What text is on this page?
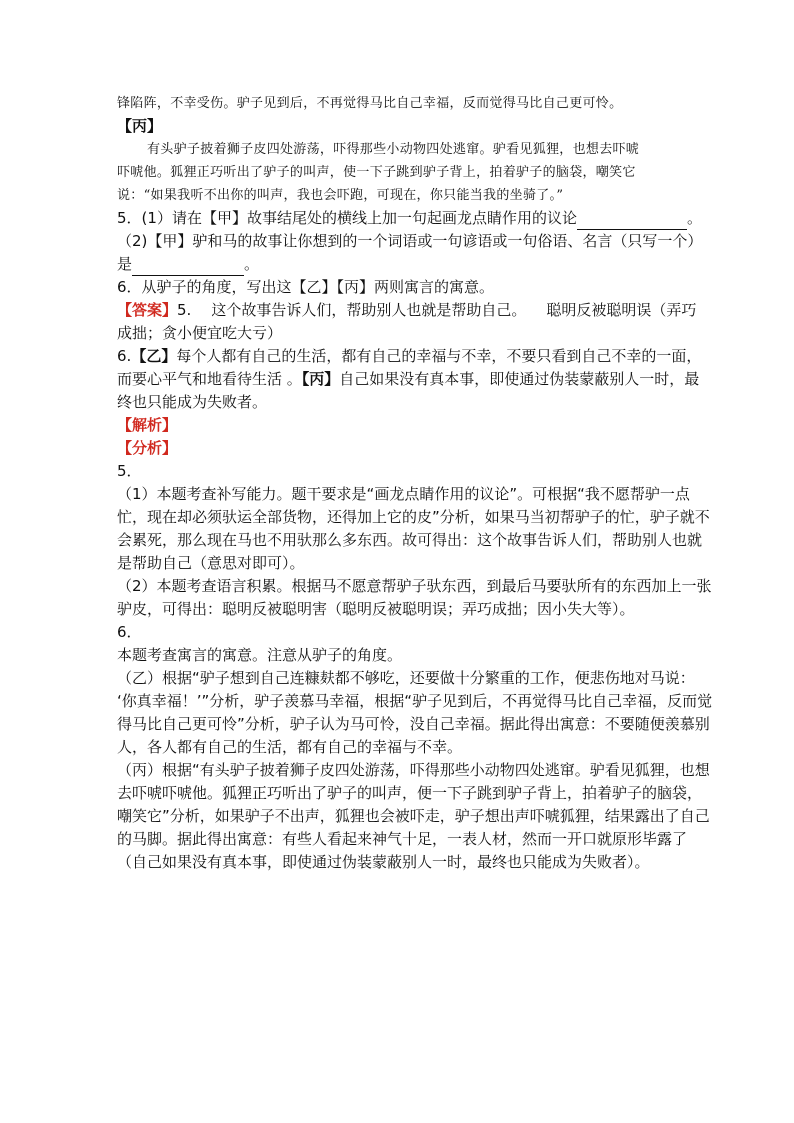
锋陷阵，不幸受伤。驴子见到后，不再觉得马比自己幸福，反而觉得马比自己更可怜。
【丙】
有头驴子披着狮子皮四处游荡，吓得那些小动物四处逃窜。驴看见狐狸，也想去吓唬
吓唬他。狐狸正巧听出了驴子的叫声，使一下子跳到驴子背上，拍着驴子的脑袋，嘲笑它
说：“如果我听不出你的叫声，我也会吓跑，可现在，你只能当我的坐骑了。”
5．(1）请在【甲】故事结尾处的横线上加一句起画龙点睛作用的议论	。
（2)【甲】驴和马的故事让你想到的一个词语或一句谚语或一句俗语、名言（只写一个）
是	。
6．从驴子的角度，写出这【乙】【丙】两则寓言的寓意。
【答案】5. 这个故事告诉人们，帮助别人也就是帮助自己。 聪明反被聪明误（弄巧
成拙；贪小便宜吃大亏）
6.【乙】每个人都有自己的生活，都有自己的幸福与不幸，不要只看到自己不幸的一面，
而要心平气和地看待生活 。【丙】自己如果没有真本事，即使通过伪装蒙蔽别人一时，最
终也只能成为失败者。
【解析】
【分析】
5．
（1）本题考查补写能力。题干要求是“画龙点睛作用的议论”。可根据“我不愿帮驴一点
忙，现在却必须驮运全部货物，还得加上它的皮”分析，如果马当初帮驴子的忙，驴子就不
会累死，那么现在马也不用驮那么多东西。故可得出：这个故事告诉人们，帮助别人也就
是帮助自己（意思对即可）。
（2）本题考查语言积累。根据马不愿意帮驴子驮东西，到最后马要驮所有的东西加上一张
驴皮，可得出：聪明反被聪明害（聪明反被聪明误；弄巧成拙；因小失大等）。
6．
本题考查寓言的寓意。注意从驴子的角度。
（乙）根据“驴子想到自己连糠麸都不够吃，还要做十分繁重的工作，便悲伤地对马说：
‘你真幸福！’”分析，驴子羡慕马幸福，根据“驴子见到后，不再觉得马比自己幸福，反而觉
得马比自己更可怜”分析，驴子认为马可怜，没自己幸福。据此得出寓意：不要随便羡慕别
人，各人都有自己的生活，都有自己的幸福与不幸。
（丙）根据“有头驴子披着狮子皮四处游荡，吓得那些小动物四处逃窜。驴看见狐狸，也想
去吓唬吓唬他。狐狸正巧听出了驴子的叫声，便一下子跳到驴子背上，拍着驴子的脑袋，
嘲笑它”分析，如果驴子不出声，狐狸也会被吓走，驴子想出声吓唬狐狸，结果露出了自己
的马脚。据此得出寓意：有些人看起来神气十足，一表人材，然而一开口就原形毕露了
（自己如果没有真本事，即使通过伪装蒙蔽别人一时，最终也只能成为失败者）。
